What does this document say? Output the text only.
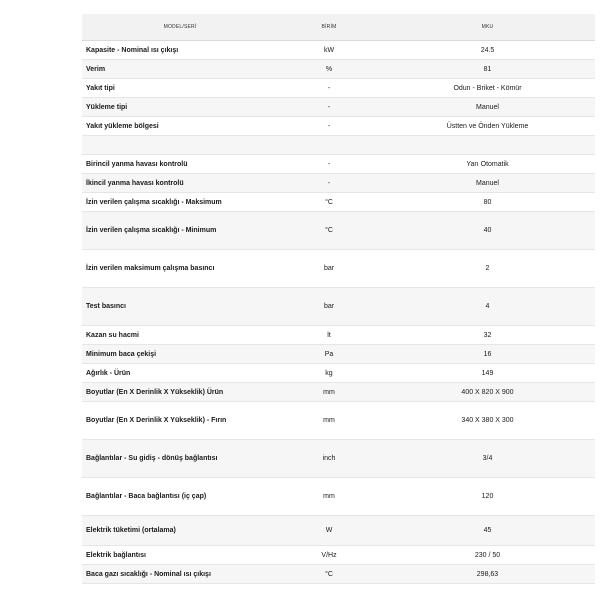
MODEL/SERİ	BİRİM	MKU
Kapasite - Nominal ısı çıkışı	kW	24.5
Verim	%	81
Yakıt tipi	-	Odun - Briket - Kömür
Yükleme tipi	-	Manuel
Yakıt yükleme bölgesi	-	Üstten ve Önden Yükleme

Birincil yanma havası kontrolü	-	Yarı Otomatik
İkincil yanma havası kontrolü	-	Manuel
İzin verilen çalışma sıcaklığı - Maksimum	°C	80
İzin verilen çalışma sıcaklığı - Minimum	°C	40
İzin verilen maksimum çalışma basıncı	bar	2
Test basıncı	bar	4
Kazan su hacmi	lt	32
Minimum baca çekişi	Pa	16
Ağırlık - Ürün	kg	149
Boyutlar (En X Derinlik X Yükseklik) Ürün	mm	400 X 820 X 900
Boyutlar (En X Derinlik X Yükseklik) - Fırın	mm	340 X 380 X 300
Bağlantılar - Su gidiş - dönüş bağlantısı	inch	3/4
Bağlantılar - Baca bağlantısı (iç çap)	mm	120
Elektrik tüketimi (ortalama)	W	45
Elektrik bağlantısı	V/Hz	230 / 50
Baca gazı sıcaklığı - Nominal ısı çıkışı	°C	298,63
